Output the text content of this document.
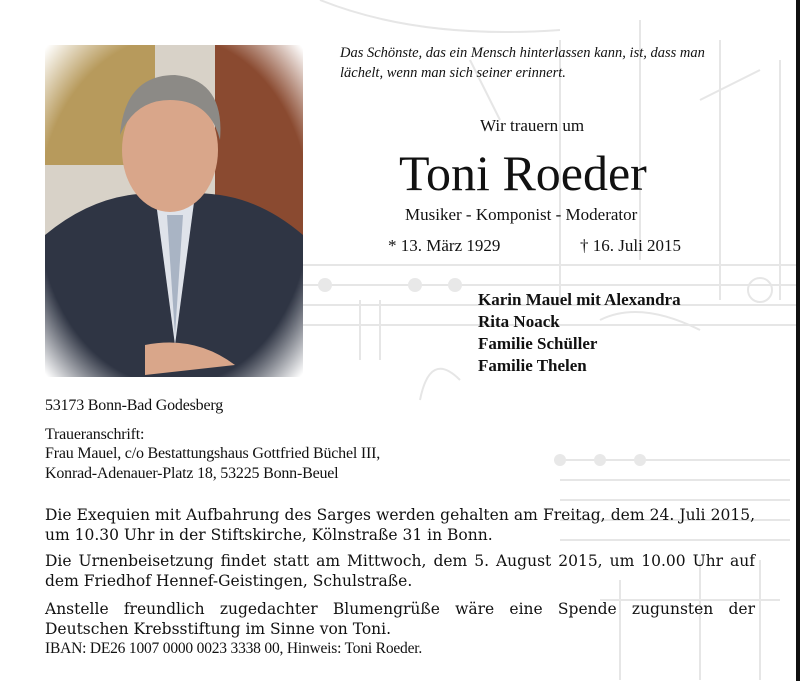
Das Schönste, das ein Mensch hinterlassen kann, ist, dass man lächelt, wenn man sich seiner erinnert.
Wir trauern um
Toni Roeder
Musiker - Komponist - Moderator
* 13. März 1929	† 16. Juli 2015
Karin Mauel mit Alexandra
Rita Noack
Familie Schüller
Familie Thelen
53173 Bonn-Bad Godesberg
Traueranschrift:
Frau Mauel, c/o Bestattungshaus Gottfried Büchel III,
Konrad-Adenauer-Platz 18, 53225 Bonn-Beuel
Die Exequien mit Aufbahrung des Sarges werden gehalten am Freitag, dem 24. Juli 2015, um 10.30 Uhr in der Stiftskirche, Kölnstraße 31 in Bonn.
Die Urnenbeisetzung findet statt am Mittwoch, dem 5. August 2015, um 10.00 Uhr auf dem Friedhof Hennef-Geistingen, Schulstraße.
Anstelle freundlich zugedachter Blumengrüße wäre eine Spende zugunsten der Deutschen Krebsstiftung im Sinne von Toni.
IBAN: DE26 1007 0000 0023 3338 00, Hinweis: Toni Roeder.
